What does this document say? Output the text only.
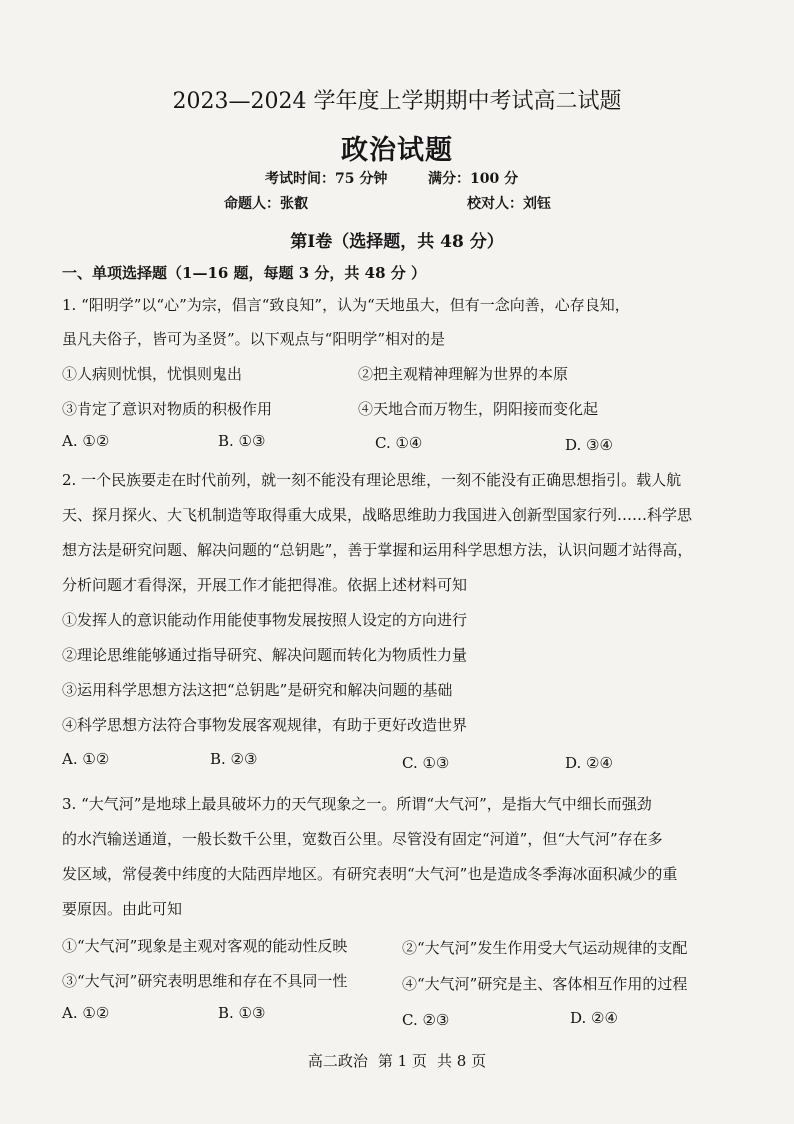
2023—2024 学年度上学期期中考试高二试题
政治试题
考试时间：75 分钟	满分：100 分
命题人：张叡	校对人：刘钰
第Ⅰ卷（选择题，共 48 分）
一、单项选择题（1—16 题，每题 3 分，共 48 分 ）
1. “阳明学”以“心”为宗，倡言“致良知”，认为“天地虽大，但有一念向善，心存良知，
虽凡夫俗子，皆可为圣贤”。以下观点与“阳明学”相对的是
①人病则忧惧，忧惧则鬼出	②把主观精神理解为世界的本原
③肯定了意识对物质的积极作用	④天地合而万物生，阴阳接而变化起
A. ①②	B. ①③	C. ①④	D. ③④
2. 一个民族要走在时代前列，就一刻不能没有理论思维，一刻不能没有正确思想指引。载人航
天、探月探火、大飞机制造等取得重大成果，战略思维助力我国进入创新型国家行列……科学思
想方法是研究问题、解决问题的“总钥匙”，善于掌握和运用科学思想方法，认识问题才站得高，
分析问题才看得深，开展工作才能把得准。依据上述材料可知
①发挥人的意识能动作用能使事物发展按照人设定的方向进行
②理论思维能够通过指导研究、解决问题而转化为物质性力量
③运用科学思想方法这把“总钥匙”是研究和解决问题的基础
④科学思想方法符合事物发展客观规律，有助于更好改造世界
A. ①②	B. ②③	C. ①③	D. ②④
3. “大气河”是地球上最具破坏力的天气现象之一。所谓“大气河”，是指大气中细长而强劲
的水汽输送通道，一般长数千公里，宽数百公里。尽管没有固定“河道”，但“大气河”存在多
发区域，常侵袭中纬度的大陆西岸地区。有研究表明“大气河”也是造成冬季海冰面积减少的重
要原因。由此可知
①“大气河”现象是主观对客观的能动性反映	②“大气河”发生作用受大气运动规律的支配
③“大气河”研究表明思维和存在不具同一性	④“大气河”研究是主、客体相互作用的过程
A. ①②	B. ①③	C. ②③	D. ②④
高二政治 第 1 页 共 8 页
